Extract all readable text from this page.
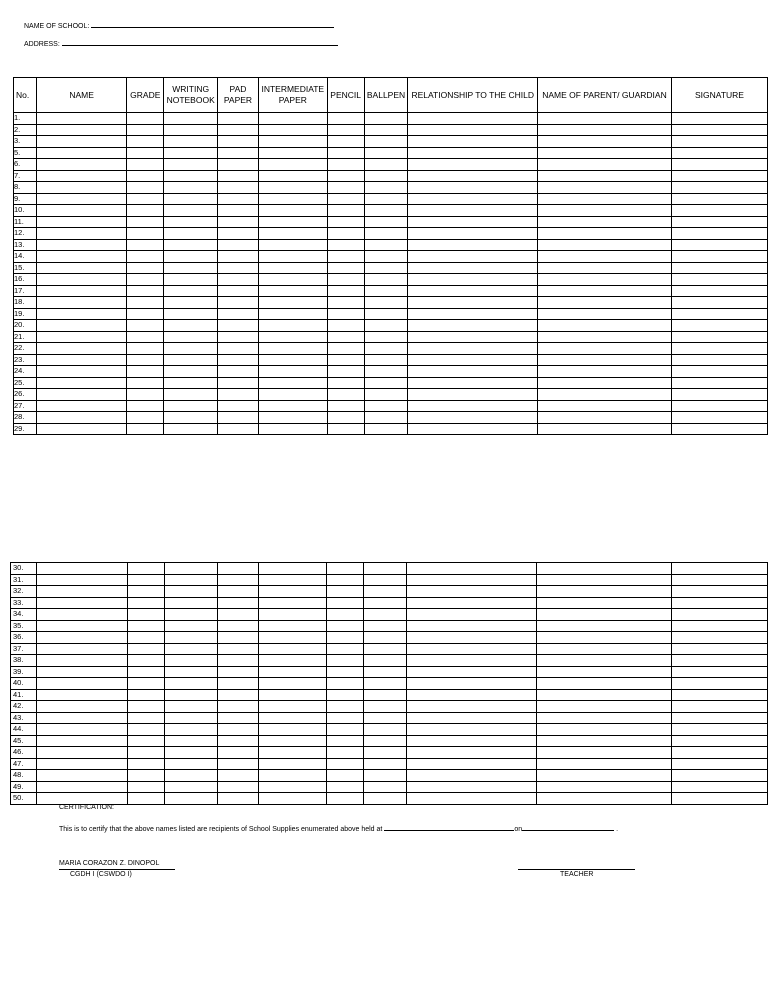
NAME OF SCHOOL:
ADDRESS:
No.	NAME	GRADE	WRITING NOTEBOOK	PAD PAPER	INTERMEDIATE PAPER	PENCIL	BALLPEN	RELATIONSHIP TO THE CHILD	NAME OF PARENT/ GUARDIAN	SIGNATURE
1.										
2.										
3.										
5.										
6.										
7.										
8.										
9.										
10.										
11.										
12.										
13.										
14.										
15.										
16.										
17.										
18.										
19.										
20.										
21.										
22.										
23.										
24.										
25.										
26.										
27.										
28.										
29.										
30.										
31.										
32.										
33.										
34.										
35.										
36.										
37.										
38.										
39.										
40.										
41.										
42.										
43.										
44.										
45.										
46.										
47.										
48.										
49.										
50.										
CERTIFICATION:
This is to certify that the above names listed are recipients of School Supplies enumerated above held at	on	.
MARIA CORAZON Z. DINOPOL
CGDH I (CSWDO I)	TEACHER
